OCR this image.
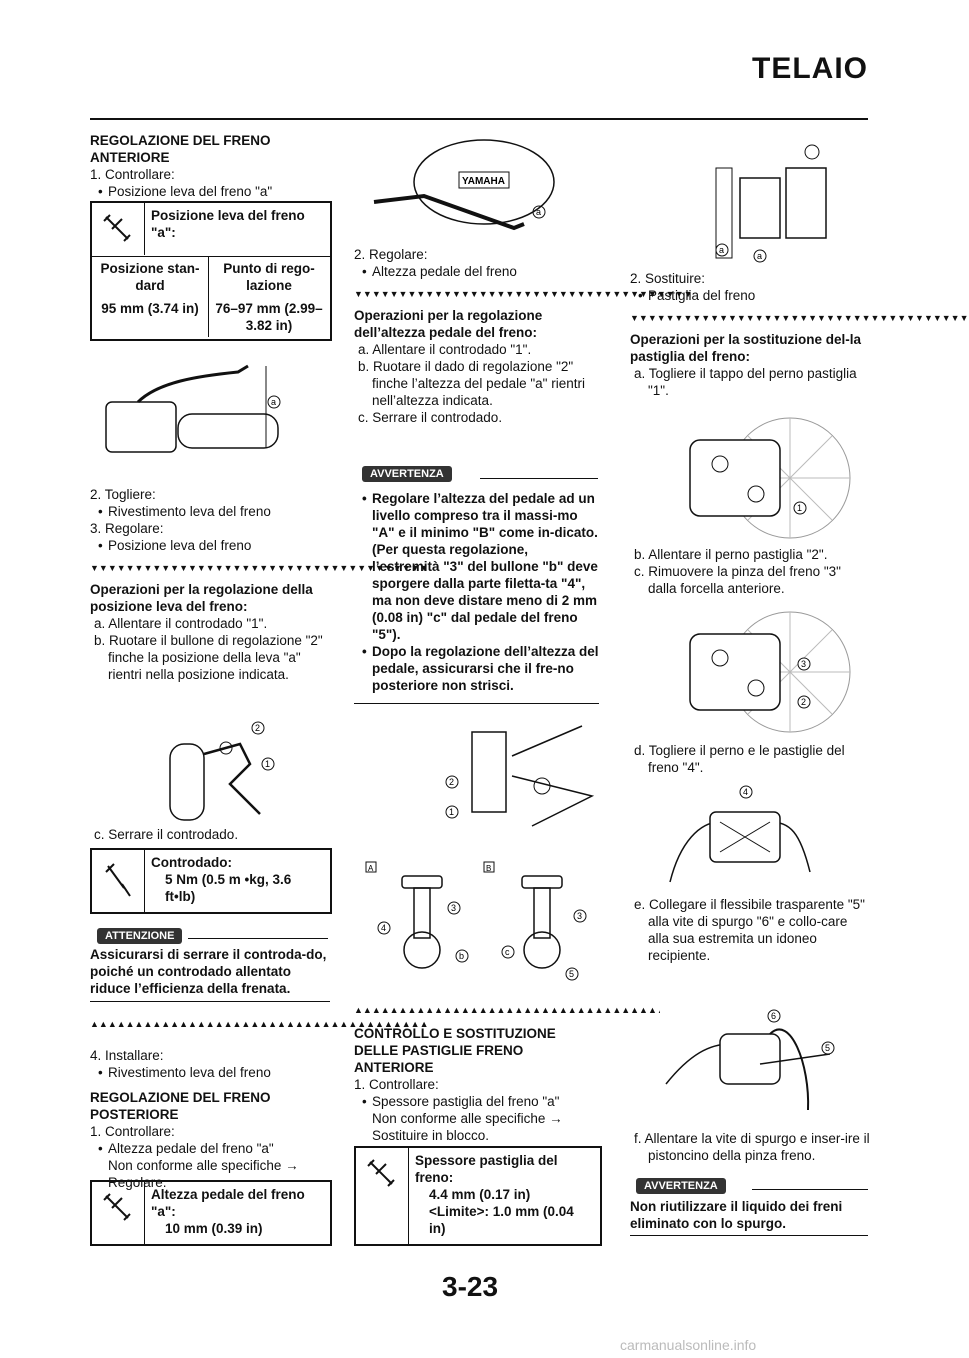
TELAIO

REGOLAZIONE DEL FRENO ANTERIORE

1. Controllare:

• Posizione leva del freno "a"

Posizione leva del freno "a":
Posizione stan-dard
Punto di rego-lazione
95 mm (3.74 in)	76–97 mm (2.99–3.82 in)
a

2. Togliere:

• Rivestimento leva del freno

3. Regolare:

• Posizione leva del freno

▼▼▼▼▼▼▼▼▼▼▼▼▼▼▼▼▼▼▼▼▼▼▼▼▼▼▼▼▼▼▼▼▼▼▼▼▼▼

Operazioni per la regolazione della posizione leva del freno:

a. Allentare il controdado "1".

b. Ruotare il bullone di regolazione "2" finche la posizione della leva "a" rientri nella posizione indicata.

2
1

c. Serrare il controdado.

Controdado:
5 Nm (0.5 m •kg, 3.6 ft•lb)
ATTENZIONE
Assicurarsi di serrare il controda-do, poiché un controdado allentato riduce l’efficienza della frenata.

▲▲▲▲▲▲▲▲▲▲▲▲▲▲▲▲▲▲▲▲▲▲▲▲▲▲▲▲▲▲▲▲▲▲▲▲▲▲

4. Installare:

• Rivestimento leva del freno

REGOLAZIONE DEL FRENO POSTERIORE

1. Controllare:

• Altezza pedale del freno "a"

Non conforme alle specifiche →

Regolare.

Altezza pedale del freno "a":
10 mm (0.39 in)
YAMAHA
a

2. Regolare:

• Altezza pedale del freno

▼▼▼▼▼▼▼▼▼▼▼▼▼▼▼▼▼▼▼▼▼▼▼▼▼▼▼▼▼▼▼▼▼▼▼▼▼▼

Operazioni per la regolazione dell’altezza pedale del freno:

a. Allentare il controdado "1".

b. Ruotare il dado di regolazione "2" finche l’altezza del pedale "a" rientri nell’altezza indicata.

c. Serrare il controdado.

AVVERTENZA

• Regolare l’altezza del pedale ad un livello compreso tra il massi-mo "A" e il minimo "B" come in-dicato. (Per questa regolazione, l’estremità "3" del bullone "b" deve sporgere dalla parte filetta-ta "4", ma non deve distare meno di 2 mm (0.08 in) "c" dal pedale del freno "5").

• Dopo la regolazione dell’altezza del pedale, assicurarsi che il fre-no posteriore non strisci.

2
1
A	B
3
4
b
3
c
5

▲▲▲▲▲▲▲▲▲▲▲▲▲▲▲▲▲▲▲▲▲▲▲▲▲▲▲▲▲▲▲▲▲▲▲▲▲▲

CONTROLLO E SOSTITUZIONE DELLE PASTIGLIE FRENO ANTERIORE

1. Controllare:

• Spessore pastiglia del freno "a"

Non conforme alle specifiche →

Sostituire in blocco.

Spessore pastiglia del freno:
4.4 mm (0.17 in)
<Limite>: 1.0 mm (0.04 in)
a
a

2. Sostituire:

• Pastiglia del freno

▼▼▼▼▼▼▼▼▼▼▼▼▼▼▼▼▼▼▼▼▼▼▼▼▼▼▼▼▼▼▼▼▼▼▼▼▼▼

Operazioni per la sostituzione del-la pastiglia del freno:

a. Togliere il tappo del perno pastiglia "1".

1

b. Allentare il perno pastiglia "2".

c. Rimuovere la pinza del freno "3" dalla forcella anteriore.

3
2

d. Togliere il perno e le pastiglie del freno "4".

4

e. Collegare il flessibile trasparente "5" alla vite di spurgo "6" e collo-care alla sua estremita un idoneo recipiente.

6
5

f. Allentare la vite di spurgo e inser-ire il pistoncino della pinza freno.

AVVERTENZA
Non riutilizzare il liquido dei freni eliminato con lo spurgo.
3-23
carmanualsonline.info
